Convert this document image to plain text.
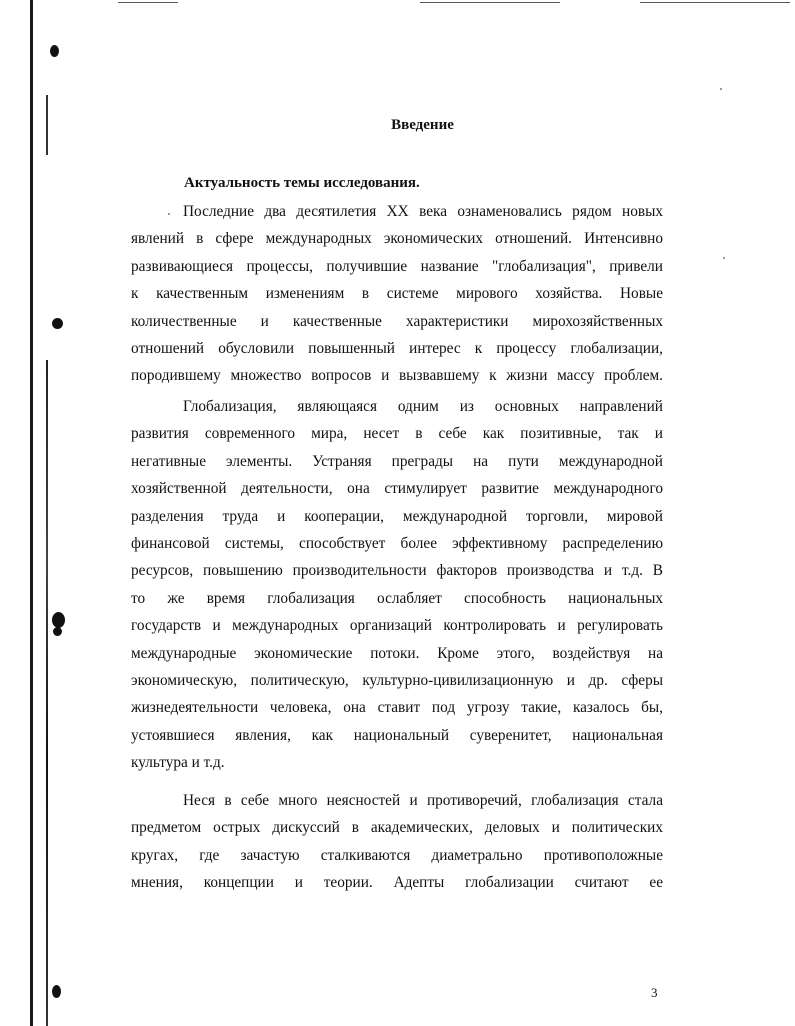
Введение
Актуальность темы исследования.
Последние два десятилетия XX века ознаменовались рядом новых
явлений в сфере международных экономических отношений. Интенсивно
развивающиеся процессы, получившие название "глобализация", привели
к качественным изменениям в системе мирового хозяйства. Новые
количественные и качественные характеристики мирохозяйственных
отношений обусловили повышенный интерес к процессу глобализации,
породившему множество вопросов и вызвавшему к жизни массу проблем.
Глобализация, являющаяся одним из основных направлений
развития современного мира, несет в себе как позитивные, так и
негативные элементы. Устраняя преграды на пути международной
хозяйственной деятельности, она стимулирует развитие международного
разделения труда и кооперации, международной торговли, мировой
финансовой системы, способствует более эффективному распределению
ресурсов, повышению производительности факторов производства и т.д. В
то же время глобализация ослабляет способность национальных
государств и международных организаций контролировать и регулировать
международные экономические потоки. Кроме этого, воздействуя на
экономическую, политическую, культурно-цивилизационную и др. сферы
жизнедеятельности человека, она ставит под угрозу такие, казалось бы,
устоявшиеся явления, как национальный суверенитет, национальная
культура и т.д.
Неся в себе много неясностей и противоречий, глобализация стала
предметом острых дискуссий в академических, деловых и политических
кругах, где зачастую сталкиваются диаметрально противоположные
мнения, концепции и теории. Адепты глобализации считают ее
3
